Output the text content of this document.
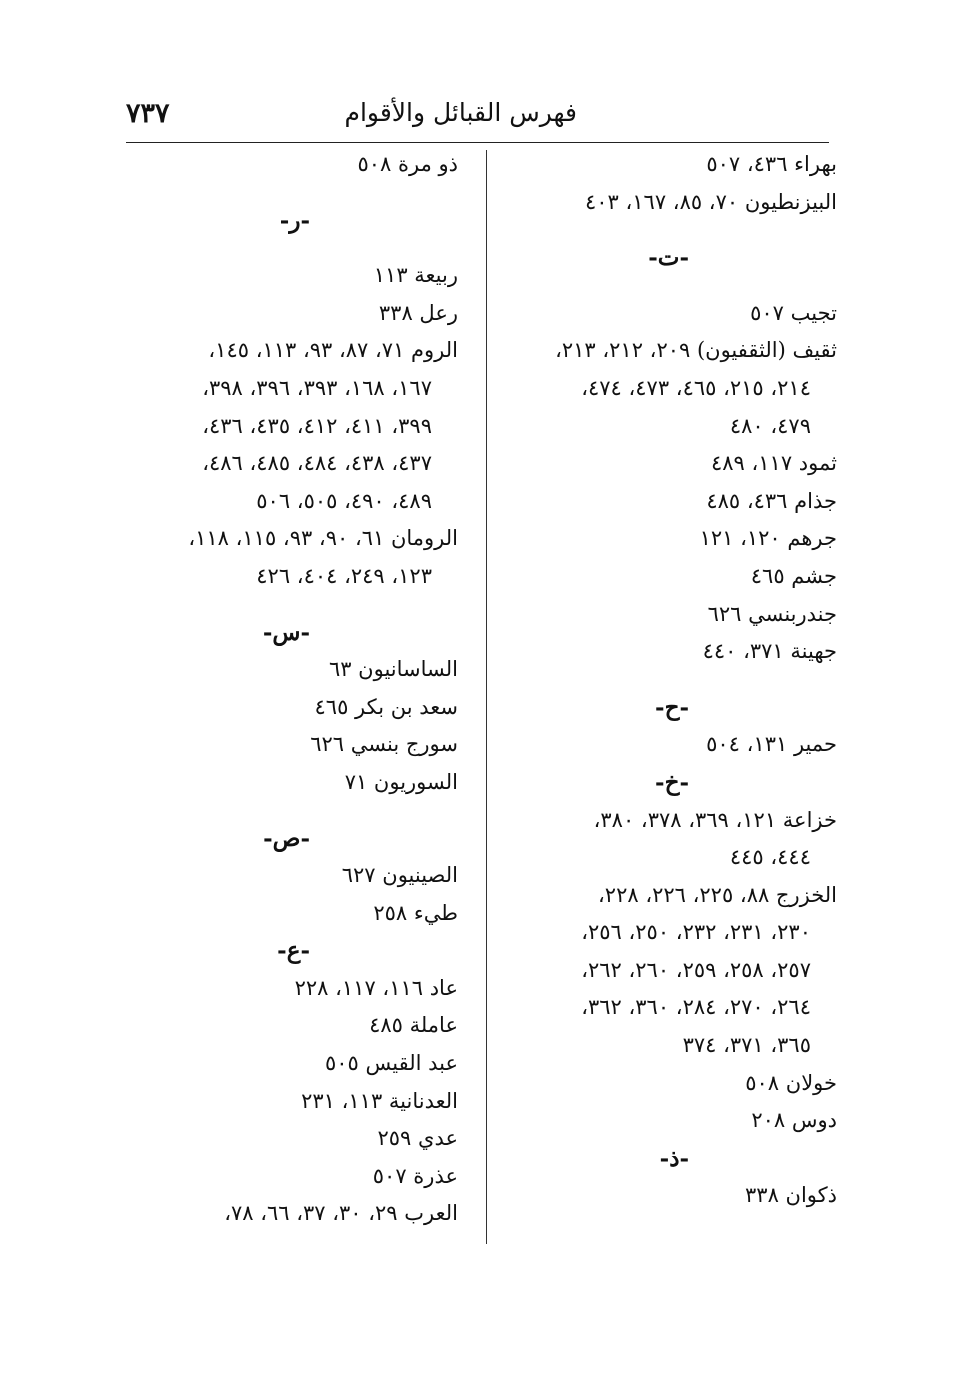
٧٣٧	فهرس القبائل والأقوام
بهراء ٤٣٦، ٥٠٧
البيزنطيون ٧٠، ٨٥، ١٦٧، ٤٠٣
-ت-
تجيب ٥٠٧
ثقيف (الثقفيون) ٢٠٩، ٢١٢، ٢١٣،
٢١٤، ٢١٥، ٤٦٥، ٤٧٣، ٤٧٤،
٤٧٩، ٤٨٠
ثمود ١١٧، ٤٨٩
جذام ٤٣٦، ٤٨٥
جرهم ١٢٠، ١٢١
جشم ٤٦٥
جندربنسي ٦٢٦
جهينة ٣٧١، ٤٤٠
-ح-
حمير ١٣١، ٥٠٤
-خ-
خزاعة ١٢١، ٣٦٩، ٣٧٨، ٣٨٠،
٤٤٤، ٤٤٥
الخزرج ٨٨، ٢٢٥، ٢٢٦، ٢٢٨،
٢٣٠، ٢٣١، ٢٣٢، ٢٥٠، ٢٥٦،
٢٥٧، ٢٥٨، ٢٥٩، ٢٦٠، ٢٦٢،
٢٦٤، ٢٧٠، ٢٨٤، ٣٦٠، ٣٦٢،
٣٦٥، ٣٧١، ٣٧٤
خولان ٥٠٨
دوس ٢٠٨
-ذ-
ذكوان ٣٣٨
ذو مرة ٥٠٨
-ر-
ربيعة ١١٣
رعل ٣٣٨
الروم ٧١، ٨٧، ٩٣، ١١٣، ١٤٥،
١٦٧، ١٦٨، ٣٩٣، ٣٩٦، ٣٩٨،
٣٩٩، ٤١١، ٤١٢، ٤٣٥، ٤٣٦،
٤٣٧، ٤٣٨، ٤٨٤، ٤٨٥، ٤٨٦،
٤٨٩، ٤٩٠، ٥٠٥، ٥٠٦
الرومان ٦١، ٩٠، ٩٣، ١١٥، ١١٨،
١٢٣، ٢٤٩، ٤٠٤، ٤٢٦
-س-
الساسانيون ٦٣
سعد بن بكر ٤٦٥
سورج بنسي ٦٢٦
السوريون ٧١
-ص-
الصينيون ٦٢٧
طيء ٢٥٨
-ع-
عاد ١١٦، ١١٧، ٢٢٨
عاملة ٤٨٥
عبد القيس ٥٠٥
العدنانية ١١٣، ٢٣١
عدي ٢٥٩
عذرة ٥٠٧
العرب ٢٩، ٣٠، ٣٧، ٦٦، ٧٨،
